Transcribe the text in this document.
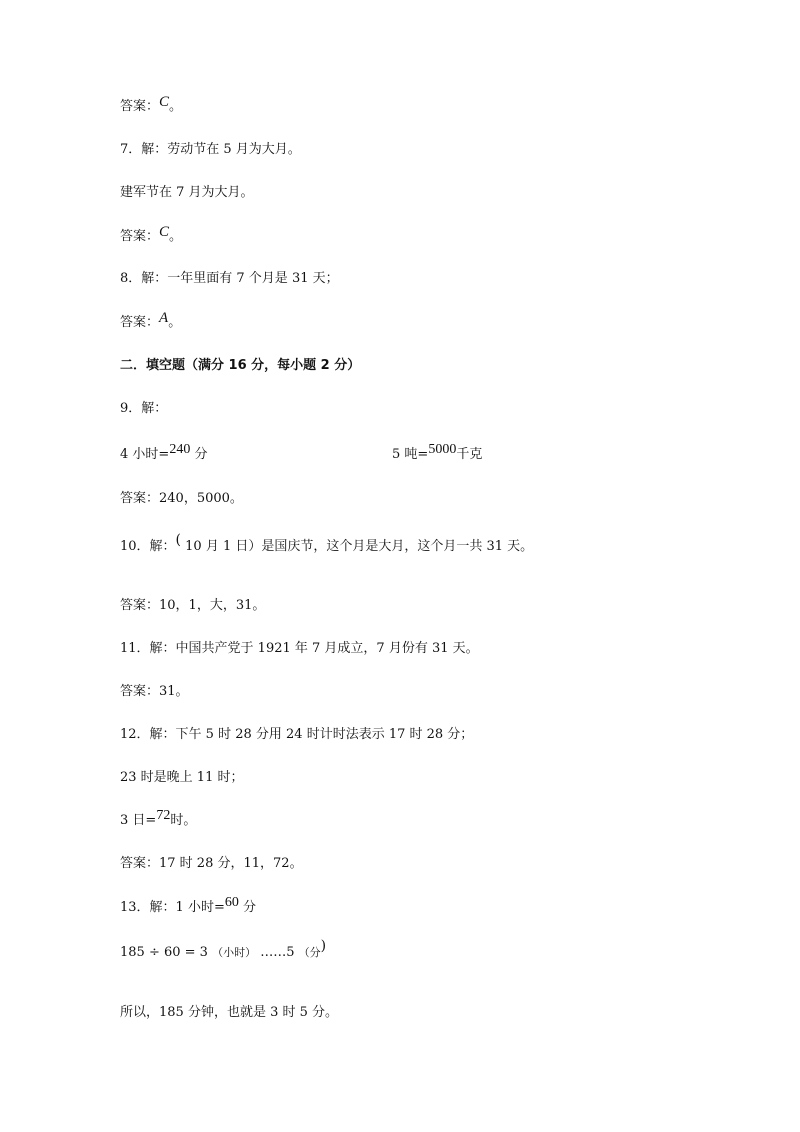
答案：C。
7．解：劳动节在 5 月为大月。
建军节在 7 月为大月。
答案：C。
8．解：一年里面有 7 个月是 31 天；
答案：A。
二．填空题（满分 16 分，每小题 2 分）
9．解：
4 小时=240 分	5 吨=5000千克
答案：240，5000。
10．解：( 10 月 1 日）是国庆节，这个月是大月，这个月一共 31 天。
答案：10，1，大，31。
11．解：中国共产党于 1921 年 7 月成立，7 月份有 31 天。
答案：31。
12．解：下午 5 时 28 分用 24 时计时法表示 17 时 28 分；
23 时是晚上 11 时；
3 日=72时。
答案：17 时 28 分，11，72。
13．解：1 小时=60 分
185 ÷ 60 = 3 （小时） ……5 （分)
所以，185 分钟，也就是 3 时 5 分。
